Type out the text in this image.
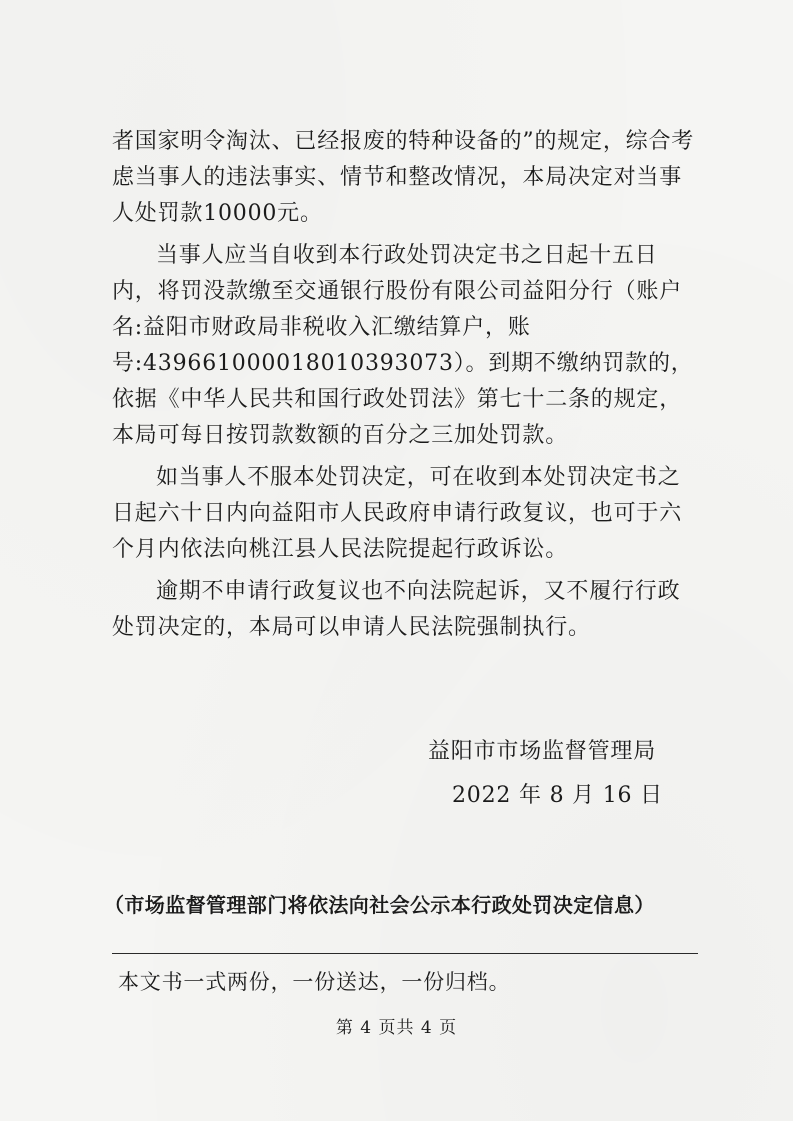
者国家明令淘汰、已经报废的特种设备的”的规定，综合考虑当事人的违法事实、情节和整改情况，本局决定对当事人处罚款10000元。

当事人应当自收到本行政处罚决定书之日起十五日内，将罚没款缴至交通银行股份有限公司益阳分行（账户名:益阳市财政局非税收入汇缴结算户，账号:439661000018010393073）。到期不缴纳罚款的，依据《中华人民共和国行政处罚法》第七十二条的规定，本局可每日按罚款数额的百分之三加处罚款。

如当事人不服本处罚决定，可在收到本处罚决定书之日起六十日内向益阳市人民政府申请行政复议，也可于六个月内依法向桃江县人民法院提起行政诉讼。

逾期不申请行政复议也不向法院起诉，又不履行行政处罚决定的，本局可以申请人民法院强制执行。

益阳市市场监督管理局
2022 年 8 月 16 日
（市场监督管理部门将依法向社会公示本行政处罚决定信息）
本文书一式两份，一份送达，一份归档。
第 4 页共 4 页
